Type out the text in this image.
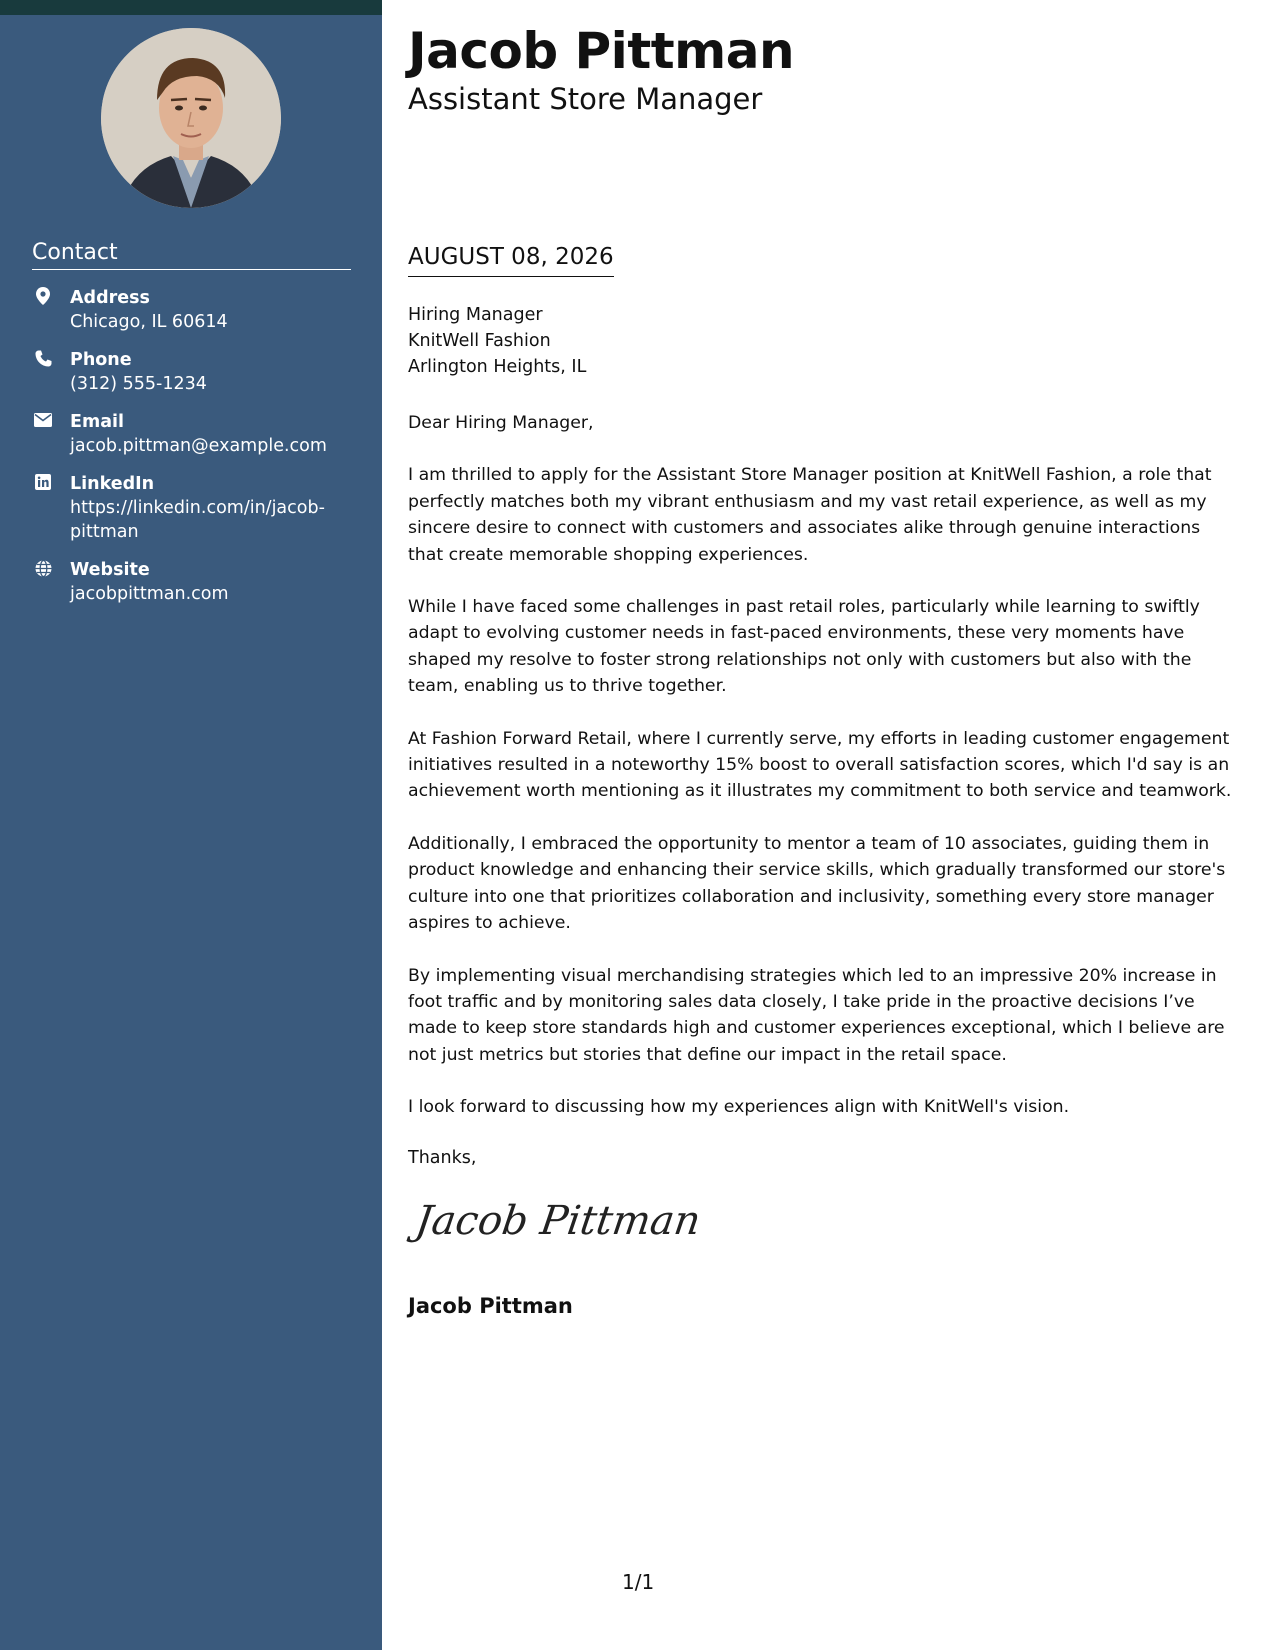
Contact
Address
Chicago, IL 60614
Phone
(312) 555-1234
Email
jacob.pittman@example.com
LinkedIn
https://linkedin.com/in/jacob-pittman
Website
jacobpittman.com
Jacob Pittman
Assistant Store Manager
AUGUST 08, 2026
Hiring Manager
KnitWell Fashion
Arlington Heights, IL

Dear Hiring Manager,

I am thrilled to apply for the Assistant Store Manager position at KnitWell Fashion, a role that perfectly matches both my vibrant enthusiasm and my vast retail experience, as well as my sincere desire to connect with customers and associates alike through genuine interactions that create memorable shopping experiences.

While I have faced some challenges in past retail roles, particularly while learning to swiftly adapt to evolving customer needs in fast-paced environments, these very moments have shaped my resolve to foster strong relationships not only with customers but also with the team, enabling us to thrive together.

At Fashion Forward Retail, where I currently serve, my efforts in leading customer engagement initiatives resulted in a noteworthy 15% boost to overall satisfaction scores, which I'd say is an achievement worth mentioning as it illustrates my commitment to both service and teamwork.

Additionally, I embraced the opportunity to mentor a team of 10 associates, guiding them in product knowledge and enhancing their service skills, which gradually transformed our store's culture into one that prioritizes collaboration and inclusivity, something every store manager aspires to achieve.

By implementing visual merchandising strategies which led to an impressive 20% increase in foot traffic and by monitoring sales data closely, I take pride in the proactive decisions I’ve made to keep store standards high and customer experiences exceptional, which I believe are not just metrics but stories that define our impact in the retail space.

I look forward to discussing how my experiences align with KnitWell's vision.

Thanks,
Jacob Pittman
Jacob Pittman
1/1
